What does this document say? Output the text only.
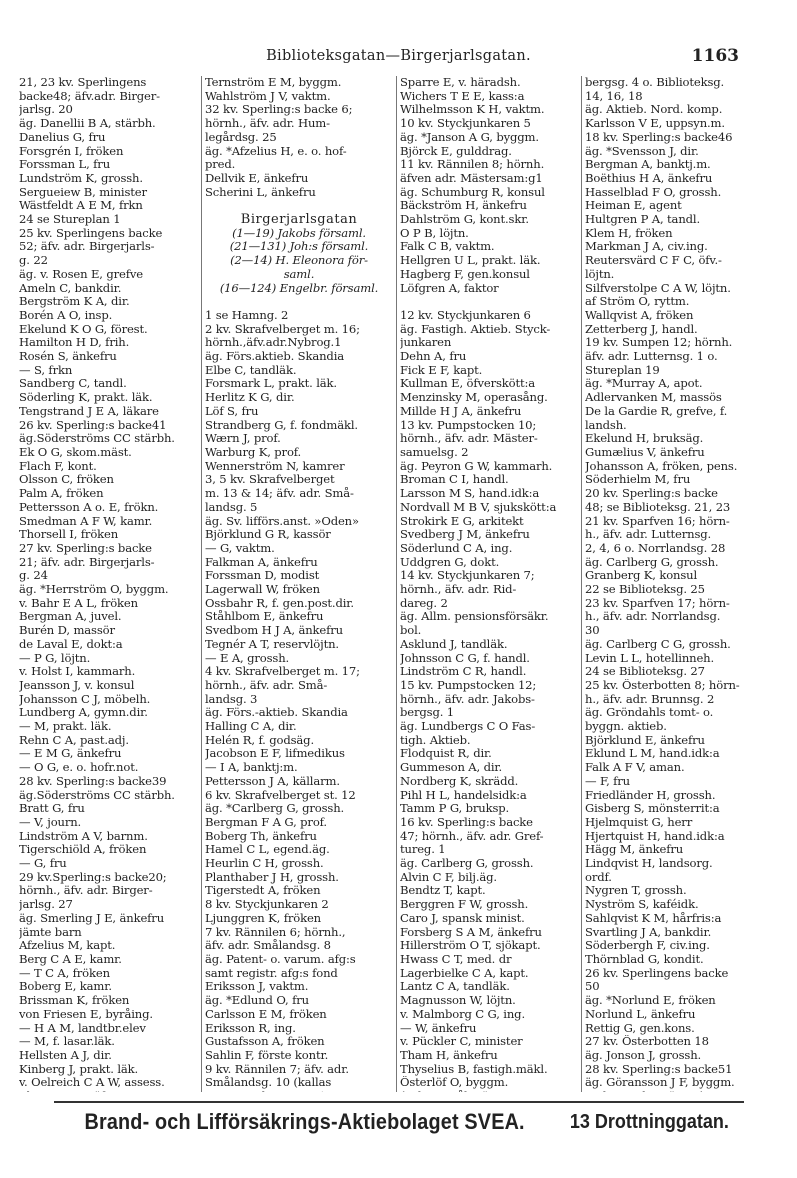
Biblioteksgatan—Birgerjarlsgatan.	1163
21, 23 kv. Sperlingens
backe48; äfv.adr. Birger-
jarlsg. 20
äg. Danellii B A, stärbh.
Danelius G, fru
Forsgrén I, fröken
Forssman L, fru
Lundström K, grossh.
Sergueiew B, minister
Wästfeldt A E M, frkn
24 se Stureplan 1
25 kv. Sperlingens backe
52; äfv. adr. Birgerjarls-
g. 22
äg. v. Rosen E, grefve
Ameln C, bankdir.
Bergström K A, dir.
Borén A O, insp.
Ekelund K O G, förest.
Hamilton H D, frih.
Rosén S, änkefru
— S, frkn
Sandberg C, tandl.
Söderling K, prakt. läk.
Tengstrand J E A, läkare
26 kv. Sperling:s backe41
äg.Söderströms CC stärbh.
Ek O G, skom.mäst.
Flach F, kont.
Olsson C, fröken
Palm A, fröken
Pettersson A o. E, frökn.
Smedman A F W, kamr.
Thorsell I, fröken
27 kv. Sperling:s backe
21; äfv. adr. Birgerjarls-
g. 24
äg. *Herrström O, byggm.
v. Bahr E A L, fröken
Bergman A, juvel.
Burén D, massör
de Laval E, dokt:a
— P G, löjtn.
v. Holst I, kammarh.
Jeansson J, v. konsul
Johansson C J, möbelh.
Lundberg A, gymn.dir.
— M, prakt. läk.
Rehn C A, past.adj.
— E M G, änkefru
— O G, e. o. hofr.not.
28 kv. Sperling:s backe39
äg.Söderströms CC stärbh.
Bratt G, fru
— V, journ.
Lindström A V, barnm.
Tigerschiöld A, fröken
— G, fru
29 kv.Sperling:s backe20;
hörnh., äfv. adr. Birger-
jarlsg. 27
äg. Smerling J E, änkefru
jämte barn
Afzelius M, kapt.
Berg C A E, kamr.
— T C A, fröken
Boberg E, kamr.
Brissman K, fröken
von Friesen E, byråing.
— H A M, landtbr.elev
— M, f. lasar.läk.
Hellsten A J, dir.
Kinberg J, prakt. läk.
v. Oelreich C A W, assess.
Ternström E M, byggm.
Wahlström J V, vaktm.
32 kv. Sperling:s backe 6;
hörnh., äfv. adr. Hum-
legårdsg. 25
äg. *Afzelius H, e. o. hof-
pred.
Dellvik E, änkefru
Scherini L, änkefru

Birgerjarlsgatan
(1—19) Jakobs församl.
(21—131) Joh:s församl.
(2—14) H. Eleonora för-
saml.
(16—124) Engelbr. församl.

1 se Hamng. 2
2 kv. Skrafvelberget m. 16;
hörnh.,äfv.adr.Nybrog.1
äg. Förs.aktieb. Skandia
Elbe C, tandläk.
Forsmark L, prakt. läk.
Herlitz K G, dir.
Löf S, fru
Strandberg G, f. fondmäkl.
Wærn J, prof.
Warburg K, prof.
Wennerström N, kamrer
3, 5 kv. Skrafvelberget
m. 13 & 14; äfv. adr. Små-
landsg. 5
äg. Sv. lifförs.anst. »Oden»
Björklund G R, kassör
— G, vaktm.
Falkman A, änkefru
Forssman D, modist
Lagerwall W, fröken
Ossbahr R, f. gen.post.dir.
Ståhlbom E, änkefru
Svedbom H J A, änkefru
Tegnér A T, reservlöjtn.
— E A, grossh.
4 kv. Skrafvelberget m. 17;
hörnh., äfv. adr. Små-
landsg. 3
äg. Förs.-aktieb. Skandia
Halling C A, dir.
Helén R, f. godsäg.
Jacobson E F, lifmedikus
— I A, banktj:m.
Pettersson J A, källarm.
6 kv. Skrafvelberget st. 12
äg. *Carlberg G, grossh.
Bergman F A G, prof.
Boberg Th, änkefru
Hamel C L, egend.äg.
Heurlin C H, grossh.
Planthaber J H, grossh.
Tigerstedt A, fröken
8 kv. Styckjunkaren 2
Ljunggren K, fröken
7 kv. Rännilen 6; hörnh.,
äfv. adr. Smålandsg. 8
äg. Patent- o. varum. afg:s
samt registr. afg:s fond
Eriksson J, vaktm.
äg. *Edlund O, fru
Carlsson E M, fröken
Eriksson R, ing.
Gustafsson A, fröken
Sahlin F, förste kontr.
9 kv. Rännilen 7; äfv. adr.
Smålandsg. 10 (kallas
Sparre E, v. häradsh.
Wichers T E E, kass:a
Wilhelmsson K H, vaktm.
10 kv. Styckjunkaren 5
äg. *Janson A G, byggm.
Björck E, gulddrag.
11 kv. Rännilen 8; hörnh.
äfven adr. Mästersam:g1
äg. Schumburg R, konsul
Bäckström H, änkefru
Dahlström G, kont.skr.
O P B, löjtn.
Falk C B, vaktm.
Hellgren U L, prakt. läk.
Hagberg F, gen.konsul
Löfgren A, faktor

12 kv. Styckjunkaren 6
äg. Fastigh. Aktieb. Styck-
junkaren
Dehn A, fru
Fick E F, kapt.
Kullman E, öfverskött:a
Menzinsky M, operasång.
Millde H J A, änkefru
13 kv. Pumpstocken 10;
hörnh., äfv. adr. Mäster-
samuelsg. 2
äg. Peyron G W, kammarh.
Broman C I, handl.
Larsson M S, hand.idk:a
Nordvall M B V, sjukskött:a
Strokirk E G, arkitekt
Svedberg J M, änkefru
Söderlund C A, ing.
Uddgren G, dokt.
14 kv. Styckjunkaren 7;
hörnh., äfv. adr. Rid-
dareg. 2
äg. Allm. pensionsförsäkr.
bol.
Asklund J, tandläk.
Johnsson C G, f. handl.
Lindström C R, handl.
15 kv. Pumpstocken 12;
hörnh., äfv. adr. Jakobs-
bergsg. 1
äg. Lundbergs C O Fas-
tigh. Aktieb.
Flodquist R, dir.
Gummeson A, dir.
Nordberg K, skrädd.
Pihl H L, handelsidk:a
Tamm P G, bruksp.
16 kv. Sperling:s backe
47; hörnh., äfv. adr. Gref-
tureg. 1
äg. Carlberg G, grossh.
Alvin C F, bilj.äg.
Bendtz T, kapt.
Berggren F W, grossh.
Caro J, spansk minist.
Forsberg S A M, änkefru
Hillerström O T, sjökapt.
Hwass C T, med. dr
Lagerbielke C A, kapt.
Lantz C A, tandläk.
Magnusson W, löjtn.
v. Malmborg C G, ing.
— W, änkefru
v. Pückler C, minister
Tham H, änkefru
Thyselius B, fastigh.mäkl.
Österlöf O, byggm.
bergsg. 4 o. Biblioteksg.
14, 16, 18
äg. Aktieb. Nord. komp.
Karlsson V E, uppsyn.m.
18 kv. Sperling:s backe46
äg. *Svensson J, dir.
Bergman A, banktj.m.
Boëthius H A, änkefru
Hasselblad F O, grossh.
Heiman E, agent
Hultgren P A, tandl.
Klem H, fröken
Markman J A, civ.ing.
Reutersvärd C F C, öfv.-
löjtn.
Silfverstolpe C A W, löjtn.
af Ström O, ryttm.
Wallqvist A, fröken
Zetterberg J, handl.
19 kv. Sumpen 12; hörnh.
äfv. adr. Lutternsg. 1 o.
Stureplan 19
äg. *Murray A, apot.
Adlervanken M, massös
De la Gardie R, grefve, f.
landsh.
Ekelund H, bruksäg.
Gumælius V, änkefru
Johansson A, fröken, pens.
Söderhielm M, fru
20 kv. Sperling:s backe
48; se Biblioteksg. 21, 23
21 kv. Sparfven 16; hörn-
h., äfv. adr. Lutternsg.
2, 4, 6 o. Norrlandsg. 28
äg. Carlberg G, grossh.
Granberg K, konsul
22 se Biblioteksg. 25
23 kv. Sparfven 17; hörn-
h., äfv. adr. Norrlandsg.
30
äg. Carlberg C G, grossh.
Levin L L, hotellinneh.
24 se Biblioteksg. 27
25 kv. Österbotten 8; hörn-
h., äfv. adr. Brunnsg. 2
äg. Gröndahls tomt- o.
byggn. aktieb.
Björklund E, änkefru
Eklund L M, hand.idk:a
Falk A F V, aman.
— F, fru
Friedländer H, grossh.
Gisberg S, mönsterrit:a
Hjelmquist G, herr
Hjertquist H, hand.idk:a
Hägg M, änkefru
Lindqvist H, landsorg.
ordf.
Nygren T, grossh.
Nyström S, kaféidk.
Sahlqvist K M, hårfris:a
Svartling J A, bankdir.
Söderbergh F, civ.ing.
Thörnblad G, kondit.
26 kv. Sperlingens backe
50
äg. *Norlund E, fröken
Norlund L, änkefru
Rettig G, gen.kons.
27 kv. Österbotten 18
äg. Jonson J, grossh.
28 kv. Sperling:s backe51
äg. Göransson J F, byggm.
Brand- och Lifförsäkrings-Aktiebolaget SVEA. 13 Drottninggatan.
